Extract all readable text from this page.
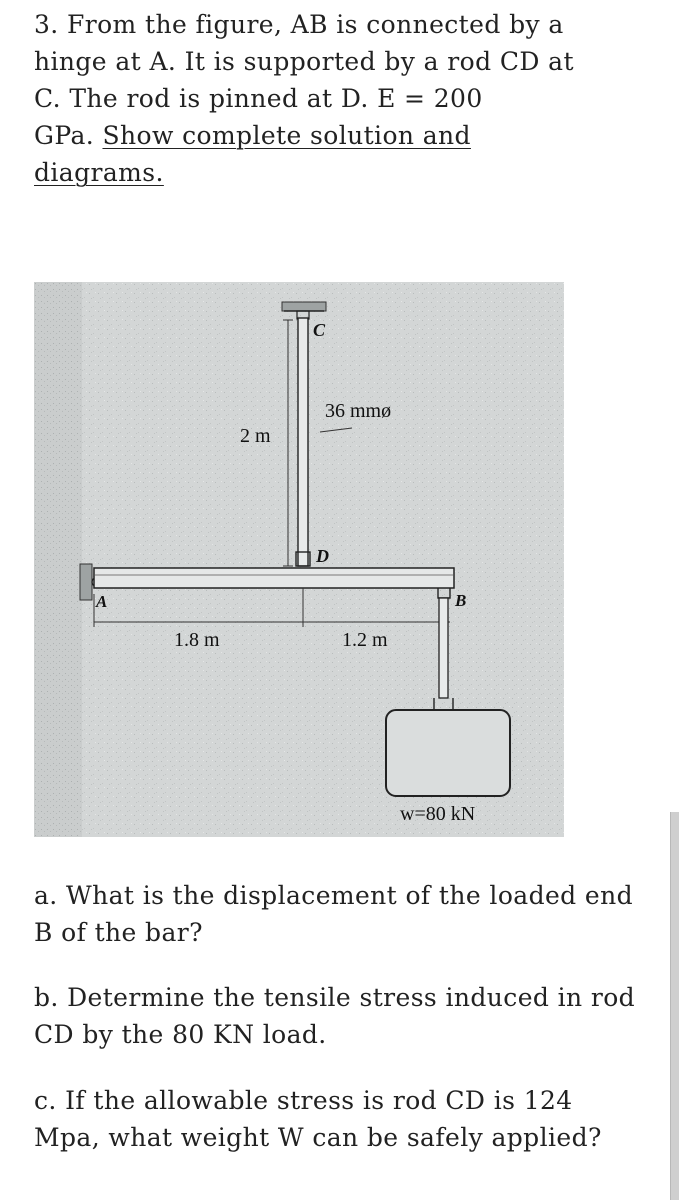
3. From the figure, AB is connected by a
hinge at A. It is supported by a rod CD at
C. The rod is pinned at D. E = 200
GPa. Show complete solution and
diagrams.
C
36 mmø
2 m
D
A	B
1.8 m	1.2 m
w=80 kN

a. What is the displacement of the loaded end B of the bar?

b. Determine the tensile stress induced in rod CD by the 80 KN load.

c. If the allowable stress is rod CD is 124 Mpa, what weight W can be safely applied?
